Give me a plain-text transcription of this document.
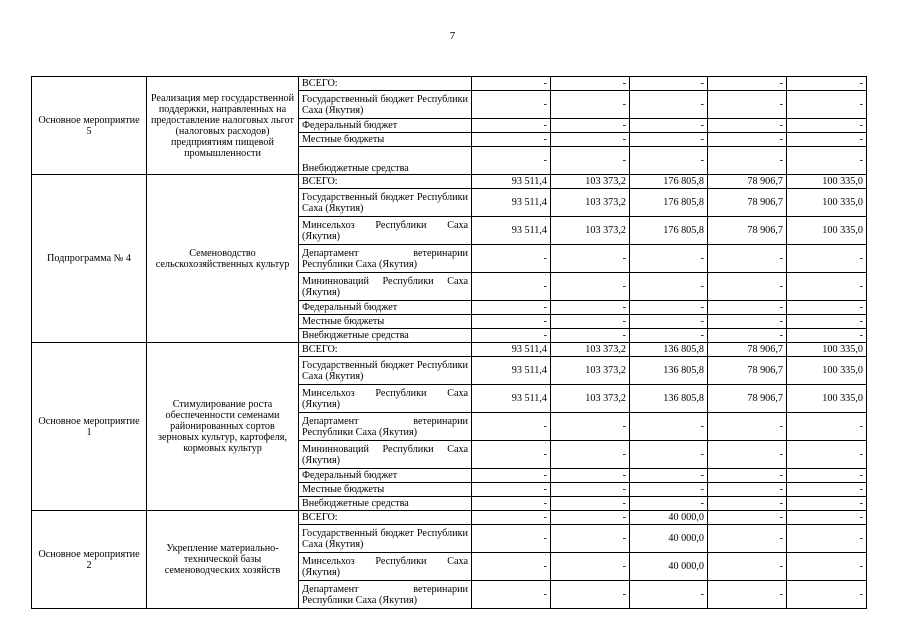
7
Основное мероприятие 5	Реализация мер государственной поддержки, направленных на предоставление налоговых льгот (налоговых расходов) предприятиям пищевой промышленности	ВСЕГО:	-	-	-	-	-

		Государственный бюджет Республики Саха (Якутия)	-	-	-	-	-
		Федеральный бюджет	-	-	-	-	-
		Местные бюджеты	-	-	-	-	-
		Внебюджетные средства	-	-	-	-	-
Подпрограмма № 4	Семеноводство сельскохозяйственных культур	ВСЕГО:	93 511,4	103 373,2	176 805,8	78 906,7	100 335,0

		Государственный бюджет Республики Саха (Якутия)	93 511,4	103 373,2	176 805,8	78 906,7	100 335,0

		Минсельхоз Республики Саха (Якутия)	93 511,4	103 373,2	176 805,8	78 906,7	100 335,0

		Департамент ветеринарии Республики Саха (Якутия)	-	-	-	-	-

		Мининноваций Республики Саха (Якутия)	-	-	-	-	-
		Федеральный бюджет	-	-	-	-	-
		Местные бюджеты	-	-	-	-	-
		Внебюджетные средства	-	-	-	-	-
Основное мероприятие 1	Стимулирование роста обеспеченности семенами районированных сортов зерновых культур, картофеля, кормовых культур	ВСЕГО:	93 511,4	103 373,2	136 805,8	78 906,7	100 335,0

		Государственный бюджет Республики Саха (Якутия)	93 511,4	103 373,2	136 805,8	78 906,7	100 335,0

		Минсельхоз Республики Саха (Якутия)	93 511,4	103 373,2	136 805,8	78 906,7	100 335,0

		Департамент ветеринарии Республики Саха (Якутия)	-	-	-	-	-

		Мининноваций Республики Саха (Якутия)	-	-	-	-	-
		Федеральный бюджет	-	-	-	-	-
		Местные бюджеты	-	-	-	-	-
		Внебюджетные средства	-	-	-	-	-
Основное мероприятие 2	Укрепление материально-технической базы семеноводческих хозяйств	ВСЕГО:	-	-	40 000,0	-	-

		Государственный бюджет Республики Саха (Якутия)	-	-	40 000,0	-	-

		Минсельхоз Республики Саха (Якутия)	-	-	40 000,0	-	-

		Департамент ветеринарии Республики Саха (Якутия)	-	-	-	-	-
